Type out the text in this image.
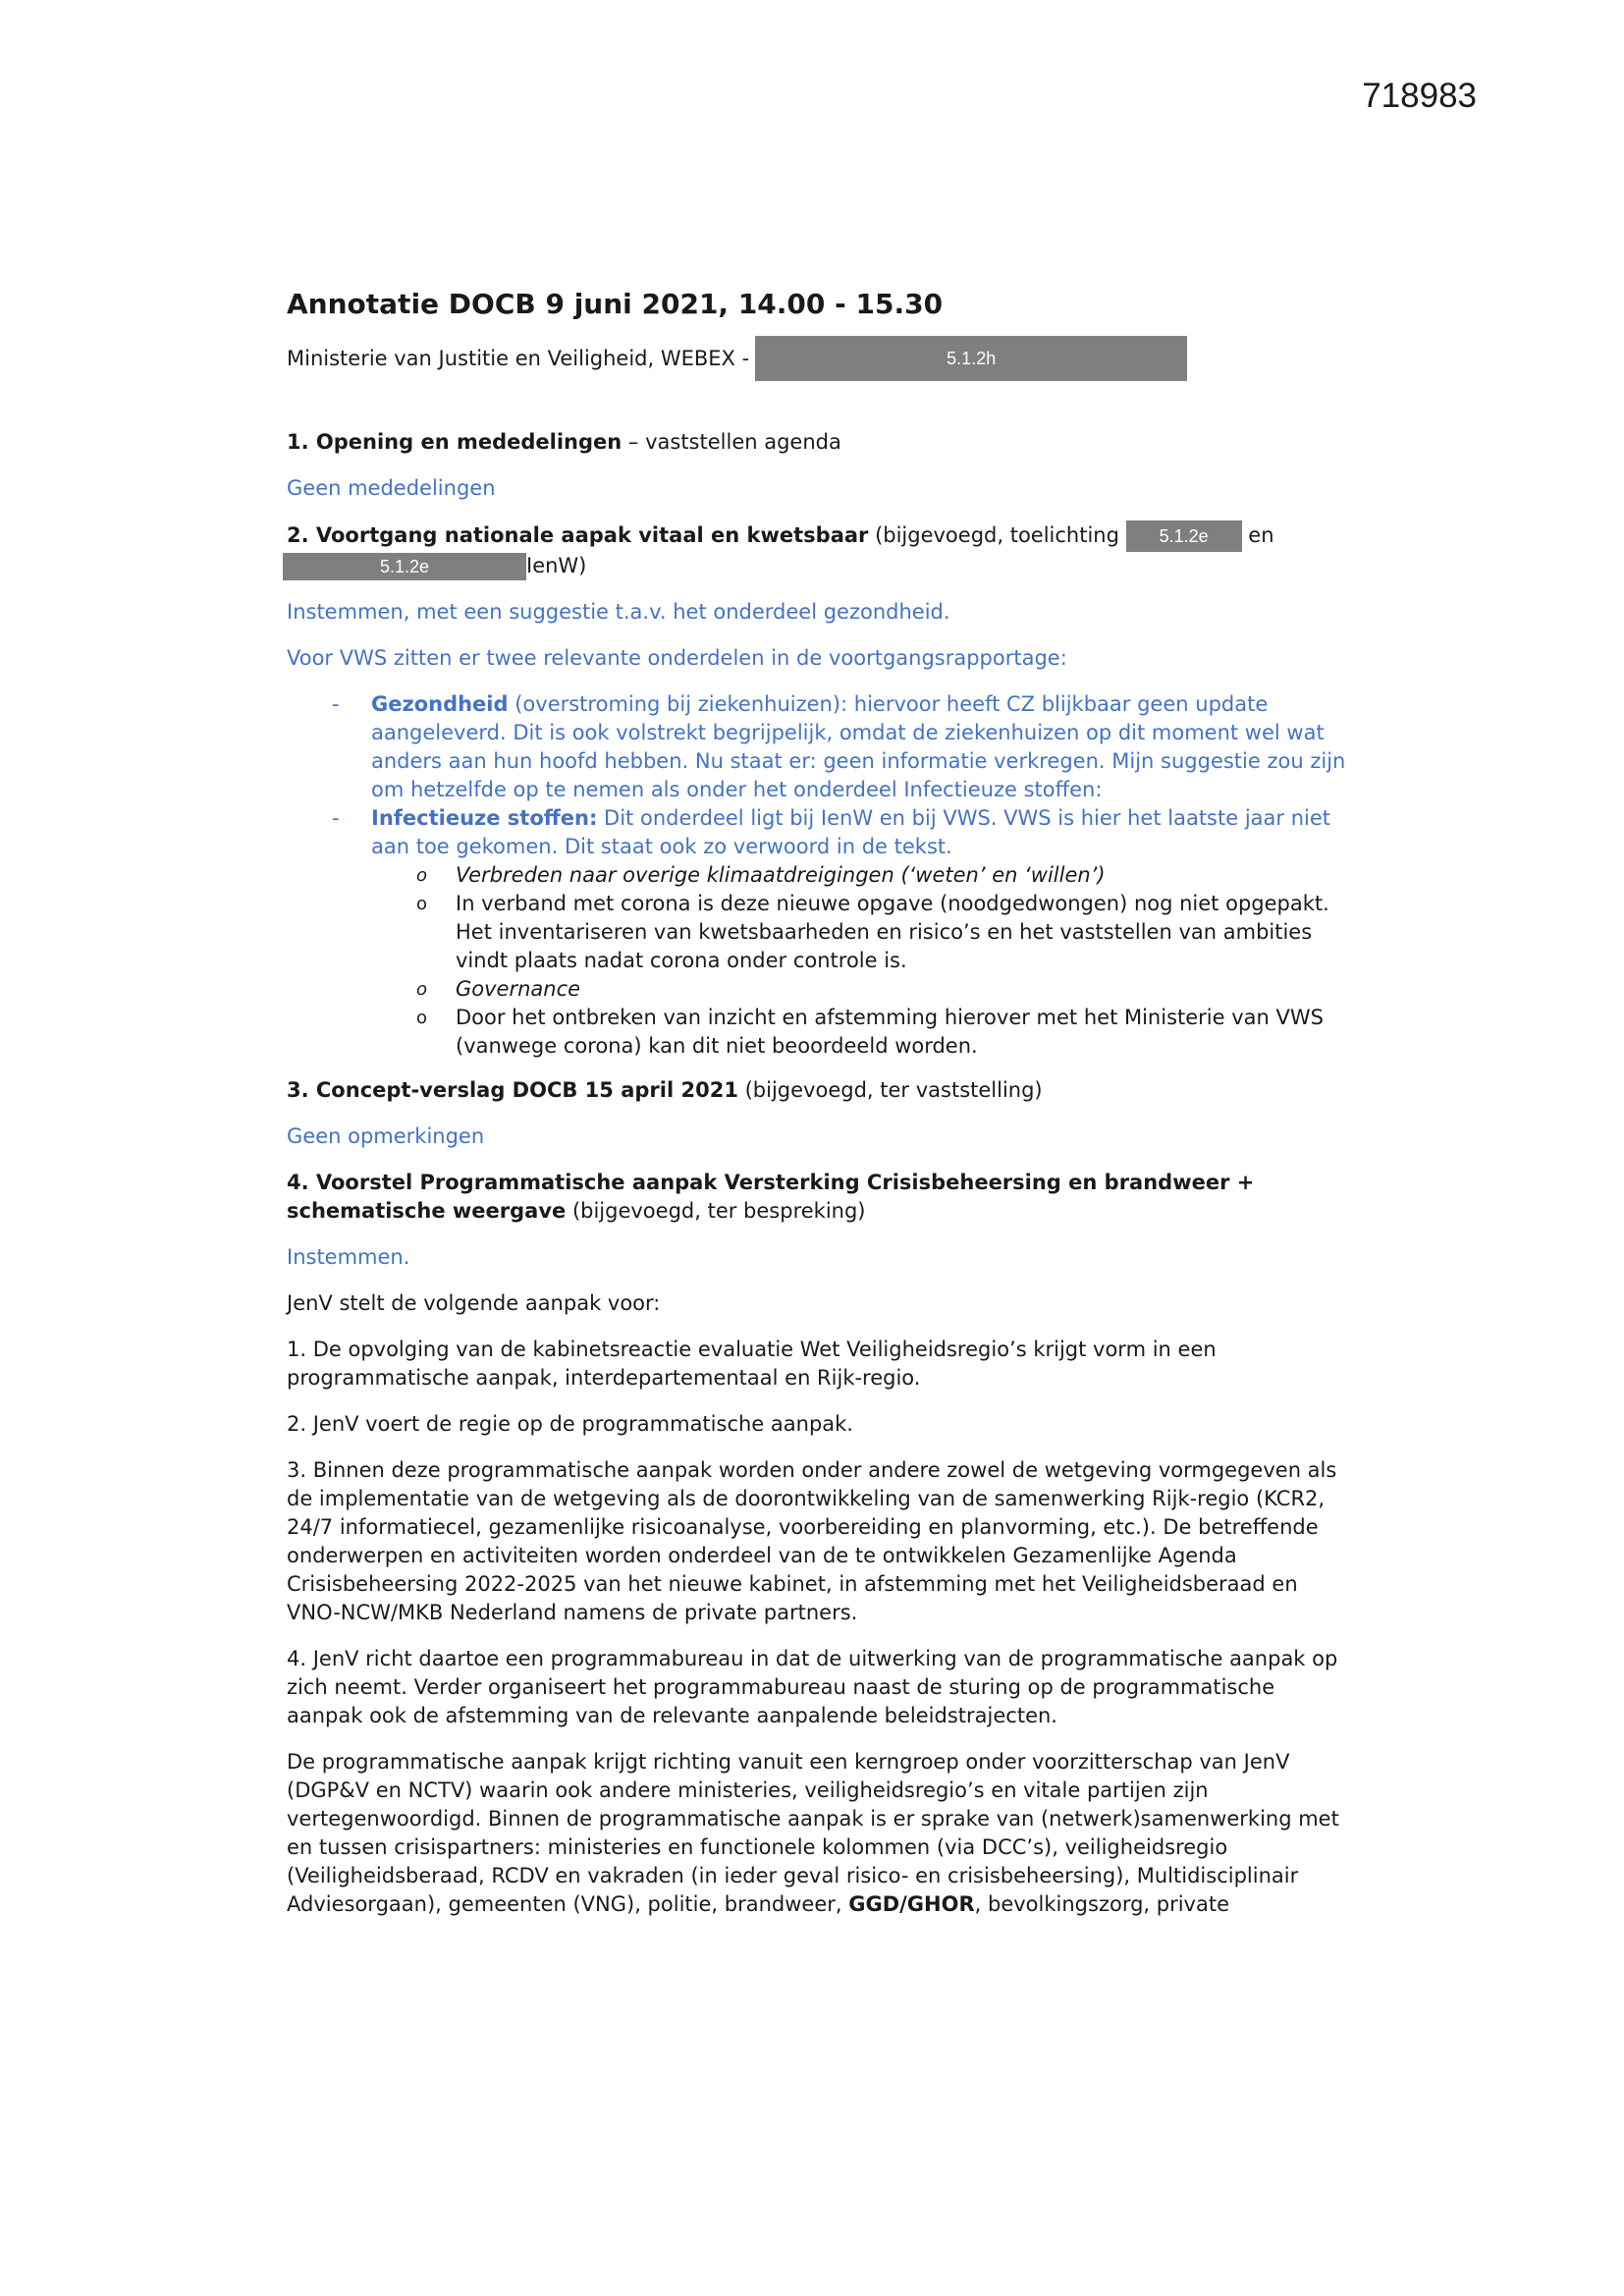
718983
Annotatie DOCB 9 juni 2021, 14.00 - 15.30
Ministerie van Justitie en Veiligheid, WEBEX -	5.1.2h
1. Opening en mededelingen – vaststellen agenda

Geen mededelingen

2. Voortgang nationale aapak vitaal en kwetsbaar (bijgevoegd, toelichting 5.1.2e en
5.1.2e	IenW)

Instemmen, met een suggestie t.a.v. het onderdeel gezondheid.

Voor VWS zitten er twee relevante onderdelen in de voortgangsrapportage:

- Gezondheid (overstroming bij ziekenhuizen): hiervoor heeft CZ blijkbaar geen update aangeleverd. Dit is ook volstrekt begrijpelijk, omdat de ziekenhuizen op dit moment wel wat anders aan hun hoofd hebben. Nu staat er: geen informatie verkregen. Mijn suggestie zou zijn om hetzelfde op te nemen als onder het onderdeel Infectieuze stoffen:
- Infectieuze stoffen: Dit onderdeel ligt bij IenW en bij VWS. VWS is hier het laatste jaar niet aan toe gekomen. Dit staat ook zo verwoord in de tekst.
o Verbreden naar overige klimaatdreigingen (‘weten’ en ‘willen’)
o In verband met corona is deze nieuwe opgave (noodgedwongen) nog niet opgepakt. Het inventariseren van kwetsbaarheden en risico’s en het vaststellen van ambities vindt plaats nadat corona onder controle is.
o Governance
o Door het ontbreken van inzicht en afstemming hierover met het Ministerie van VWS (vanwege corona) kan dit niet beoordeeld worden.
3. Concept-verslag DOCB 15 april 2021 (bijgevoegd, ter vaststelling)

Geen opmerkingen

4. Voorstel Programmatische aanpak Versterking Crisisbeheersing en brandweer + schematische weergave (bijgevoegd, ter bespreking)

Instemmen.

JenV stelt de volgende aanpak voor:

1. De opvolging van de kabinetsreactie evaluatie Wet Veiligheidsregio’s krijgt vorm in een programmatische aanpak, interdepartementaal en Rijk-regio.

2. JenV voert de regie op de programmatische aanpak.

3. Binnen deze programmatische aanpak worden onder andere zowel de wetgeving vormgegeven als de implementatie van de wetgeving als de doorontwikkeling van de samenwerking Rijk-regio (KCR2, 24/7 informatiecel, gezamenlijke risicoanalyse, voorbereiding en planvorming, etc.). De betreffende onderwerpen en activiteiten worden onderdeel van de te ontwikkelen Gezamenlijke Agenda Crisisbeheersing 2022-2025 van het nieuwe kabinet, in afstemming met het Veiligheidsberaad en VNO-NCW/MKB Nederland namens de private partners.

4. JenV richt daartoe een programmabureau in dat de uitwerking van de programmatische aanpak op zich neemt. Verder organiseert het programmabureau naast de sturing op de programmatische aanpak ook de afstemming van de relevante aanpalende beleidstrajecten.

De programmatische aanpak krijgt richting vanuit een kerngroep onder voorzitterschap van JenV (DGP&V en NCTV) waarin ook andere ministeries, veiligheidsregio’s en vitale partijen zijn vertegenwoordigd. Binnen de programmatische aanpak is er sprake van (netwerk)samenwerking met en tussen crisispartners: ministeries en functionele kolommen (via DCC’s), veiligheidsregio (Veiligheidsberaad, RCDV en vakraden (in ieder geval risico- en crisisbeheersing), Multidisciplinair Adviesorgaan), gemeenten (VNG), politie, brandweer, GGD/GHOR, bevolkingszorg, private
